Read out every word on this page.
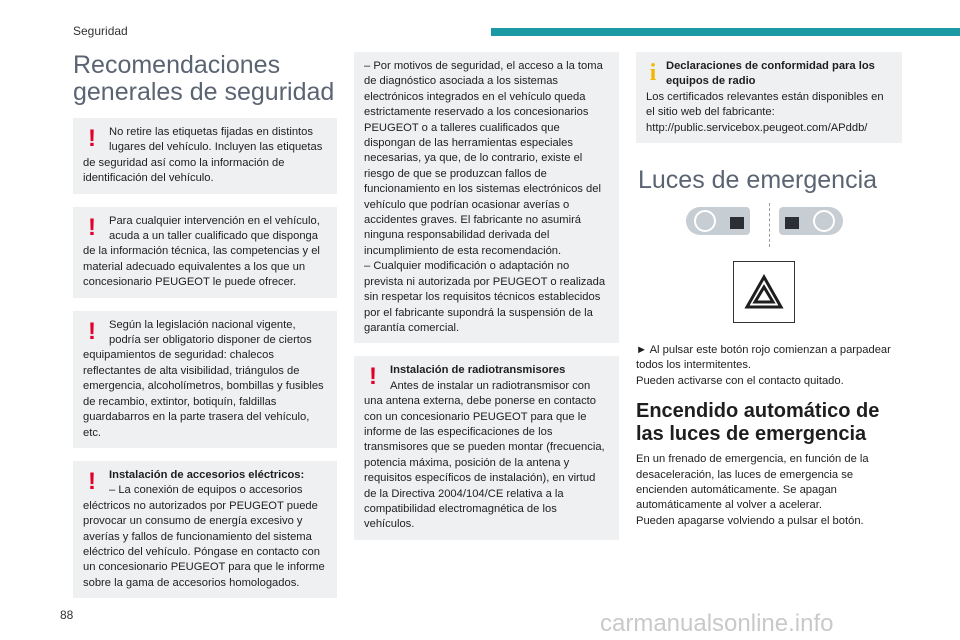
Seguridad
Recomendaciones generales de seguridad
!	No retire las etiquetas fijadas en distintos lugares del vehículo. Incluyen las etiquetas de seguridad así como la información de identificación del vehículo.

!	Para cualquier intervención en el vehículo, acuda a un taller cualificado que disponga de la información técnica, las competencias y el material adecuado equivalentes a los que un concesionario PEUGEOT le puede ofrecer.

!	Según la legislación nacional vigente, podría ser obligatorio disponer de ciertos equipamientos de seguridad: chalecos reflectantes de alta visibilidad, triángulos de emergencia, alcoholímetros, bombillas y fusibles de recambio, extintor, botiquín, faldillas guardabarros en la parte trasera del vehículo, etc.

!	Instalación de accesorios eléctricos:

– La conexión de equipos o accesorios eléctricos no autorizados por PEUGEOT puede provocar un consumo de energía excesivo y averías y fallos de funcionamiento del sistema eléctrico del vehículo. Póngase en contacto con un concesionario PEUGEOT para que le informe sobre la gama de accesorios homologados.

– Por motivos de seguridad, el acceso a la toma de diagnóstico asociada a los sistemas electrónicos integrados en el vehículo queda estrictamente reservado a los concesionarios PEUGEOT o a talleres cualificados que dispongan de las herramientas especiales necesarias, ya que, de lo contrario, existe el riesgo de que se produzcan fallos de funcionamiento en los sistemas electrónicos del vehículo que podrían ocasionar averías o accidentes graves. El fabricante no asumirá ninguna responsabilidad derivada del incumplimiento de esta recomendación.

– Cualquier modificación o adaptación no prevista ni autorizada por PEUGEOT o realizada sin respetar los requisitos técnicos establecidos por el fabricante supondrá la suspensión de la garantía comercial.

!	Instalación de radiotransmisores

Antes de instalar un radiotransmisor con una antena externa, debe ponerse en contacto con un concesionario PEUGEOT para que le informe de las especificaciones de los transmisores que se pueden montar (frecuencia, potencia máxima, posición de la antena y requisitos específicos de instalación), en virtud de la Directiva 2004/104/CE relativa a la compatibilidad electromagnética de los vehículos.

i Declaraciones de conformidad para los equipos de radio

Los certificados relevantes están disponibles en el sitio web del fabricante: http://public.servicebox.peugeot.com/APddb/

Luces de emergencia

► Al pulsar este botón rojo comienzan a parpadear todos los intermitentes.

Pueden activarse con el contacto quitado.

Encendido automático de las luces de emergencia

En un frenado de emergencia, en función de la desaceleración, las luces de emergencia se encienden automáticamente. Se apagan automáticamente al volver a acelerar.

Pueden apagarse volviendo a pulsar el botón.

88	carmanualsonline.info
